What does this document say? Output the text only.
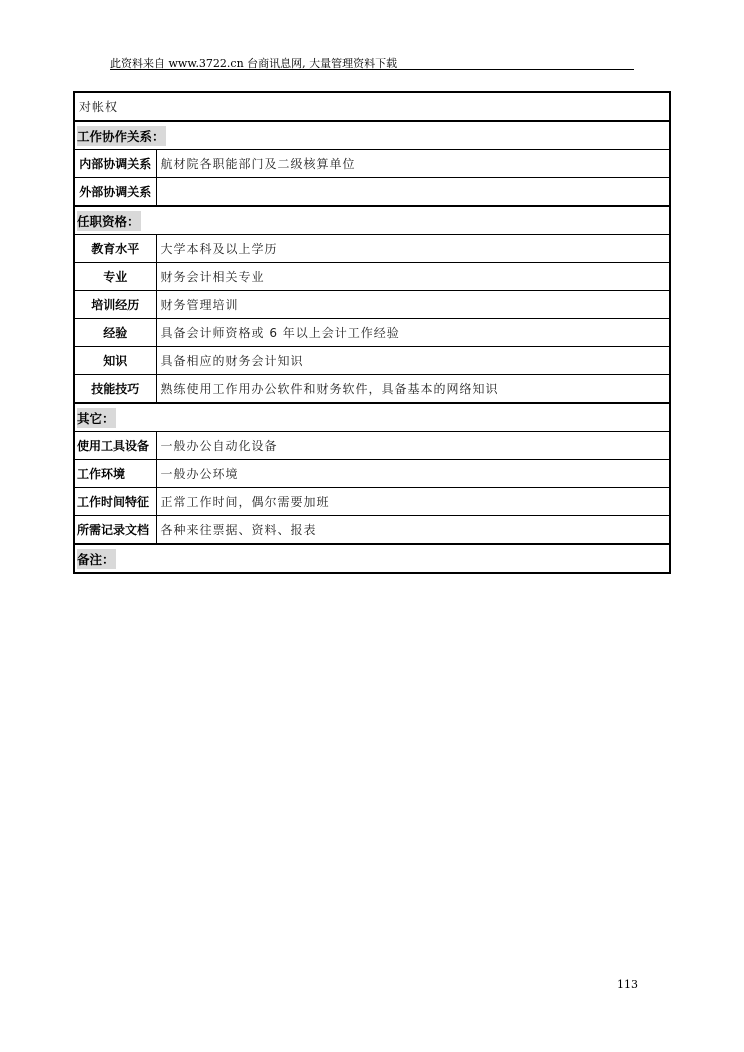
此资料来自 www.3722.cn 台商讯息网, 大量管理资料下载
对帐权	
工作协作关系：	
内部协调关系	航材院各职能部门及二级核算单位
外部协调关系	
任职资格：	
教育水平	大学本科及以上学历
专业	财务会计相关专业
培训经历	财务管理培训
经验	具备会计师资格或 6 年以上会计工作经验
知识	具备相应的财务会计知识
技能技巧	熟练使用工作用办公软件和财务软件，具备基本的网络知识
其它：	
使用工具设备	一般办公自动化设备
工作环境	一般办公环境
工作时间特征	正常工作时间，偶尔需要加班
所需记录文档	各种来往票据、资料、报表
备注：	
113
